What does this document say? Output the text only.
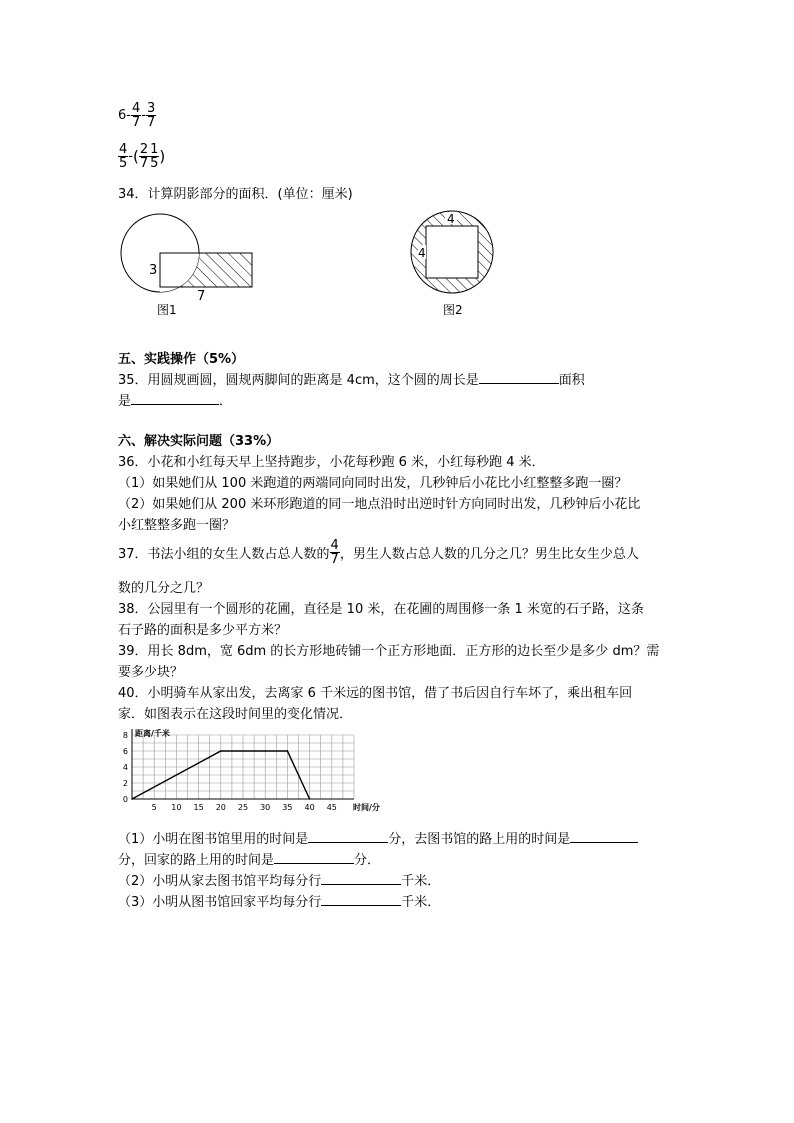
$6- \frac{4}{7} - \frac{3}{7}$
$\frac{4}{5}$ -( $\frac{2}{7} \frac{1}{5}$ )
34．计算阴影部分的面积．(单位：厘米)
3
7
图1
4
4
图2
五、实践操作（5%）
35．用圆规画圆，圆规两脚间的距离是 4cm，这个圆的周长是	面积
是	．
六、解决实际问题（33%）
36．小花和小红每天早上坚持跑步，小花每秒跑 6 米，小红每秒跑 4 米．
（1）如果她们从 100 米跑道的两端同向同时出发，几秒钟后小花比小红整整多跑一圈？
（2）如果她们从 200 米环形跑道的同一地点沿时出逆时针方向同时出发，几秒钟后小花比
小红整整多跑一圈？
37．书法小组的女生人数占总人数的 $\frac{4}{7}$ ，男生人数占总人数的几分之几？男生比女生少总人
数的几分之几？
38．公园里有一个圆形的花圃，直径是 10 米，在花圃的周围修一条 1 米宽的石子路，这条
石子路的面积是多少平方米？
39．用长 8dm，宽 6dm 的长方形地砖铺一个正方形地面．正方形的边长至少是多少 dm？需
要多少块？
40．小明骑车从家出发，去离家 6 千米远的图书馆，借了书后因自行车坏了，乘出租车回
家．如图表示在这段时间里的变化情况．
0
2
4
6
8
5 10 15 20 25 30 35 40 45
距离/千米
时间/分
（1）小明在图书馆里用的时间是	分，去图书馆的路上用的时间是
分，回家的路上用的时间是	分．
（2）小明从家去图书馆平均每分行	千米．
（3）小明从图书馆回家平均每分行	千米．
